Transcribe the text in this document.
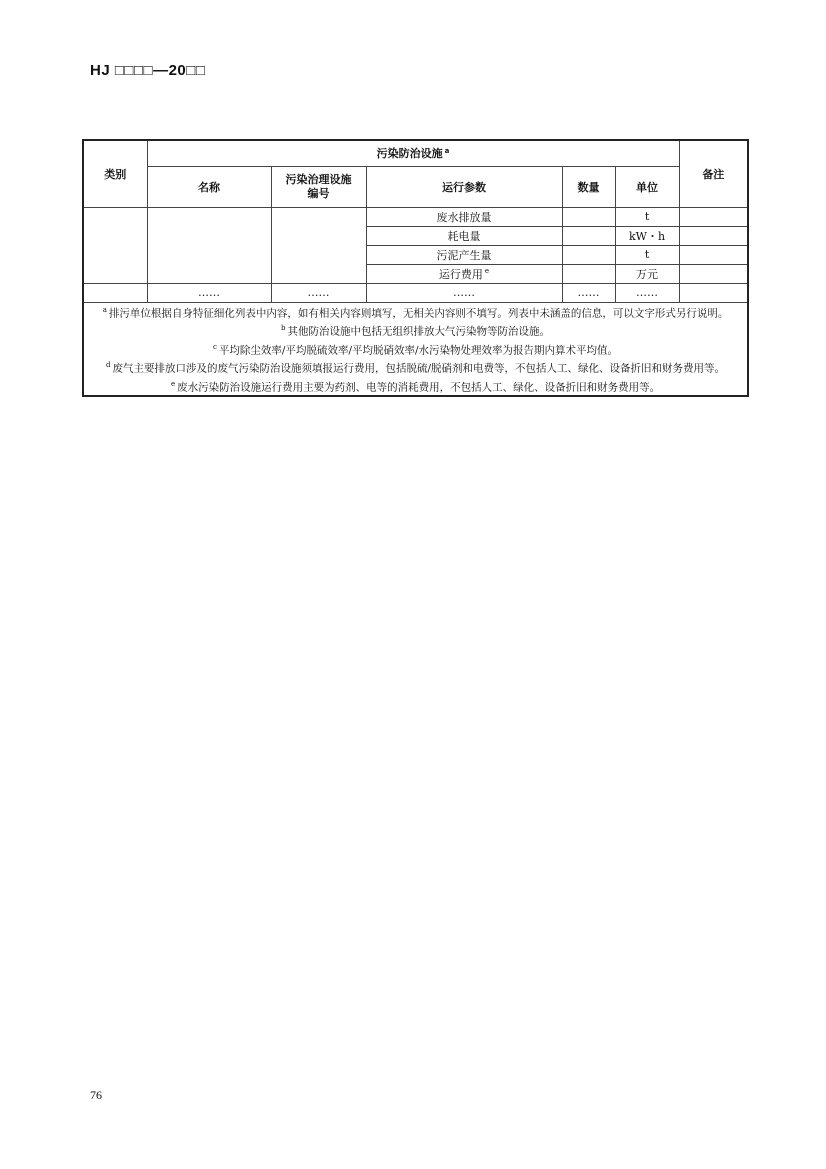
HJ □□□□—20□□
类别	污染防治设施 $^a$					备注
	名称	污染治理设施编号	运行参数	数量	单位	
			废水排放量		t	
			耗电量		kW・h	
			污泥产生量		t	
			运行费用 $^e$		万元	
	……	……	……	……	……	

$^a$ 排污单位根据自身特征细化列表中内容，如有相关内容则填写，无相关内容则不填写。列表中未涵盖的信息，可以文字形式另行说明。
$^b$ 其他防治设施中包括无组织排放大气污染物等防治设施。
$^c$ 平均除尘效率/平均脱硫效率/平均脱硝效率/水污染物处理效率为报告期内算术平均值。
$^d$ 废气主要排放口涉及的废气污染防治设施须填报运行费用，包括脱硫/脱硝剂和电费等，不包括人工、绿化、设备折旧和财务费用等。
$^e$ 废水污染防治设施运行费用主要为药剂、电等的消耗费用，不包括人工、绿化、设备折旧和财务费用等。						
76
